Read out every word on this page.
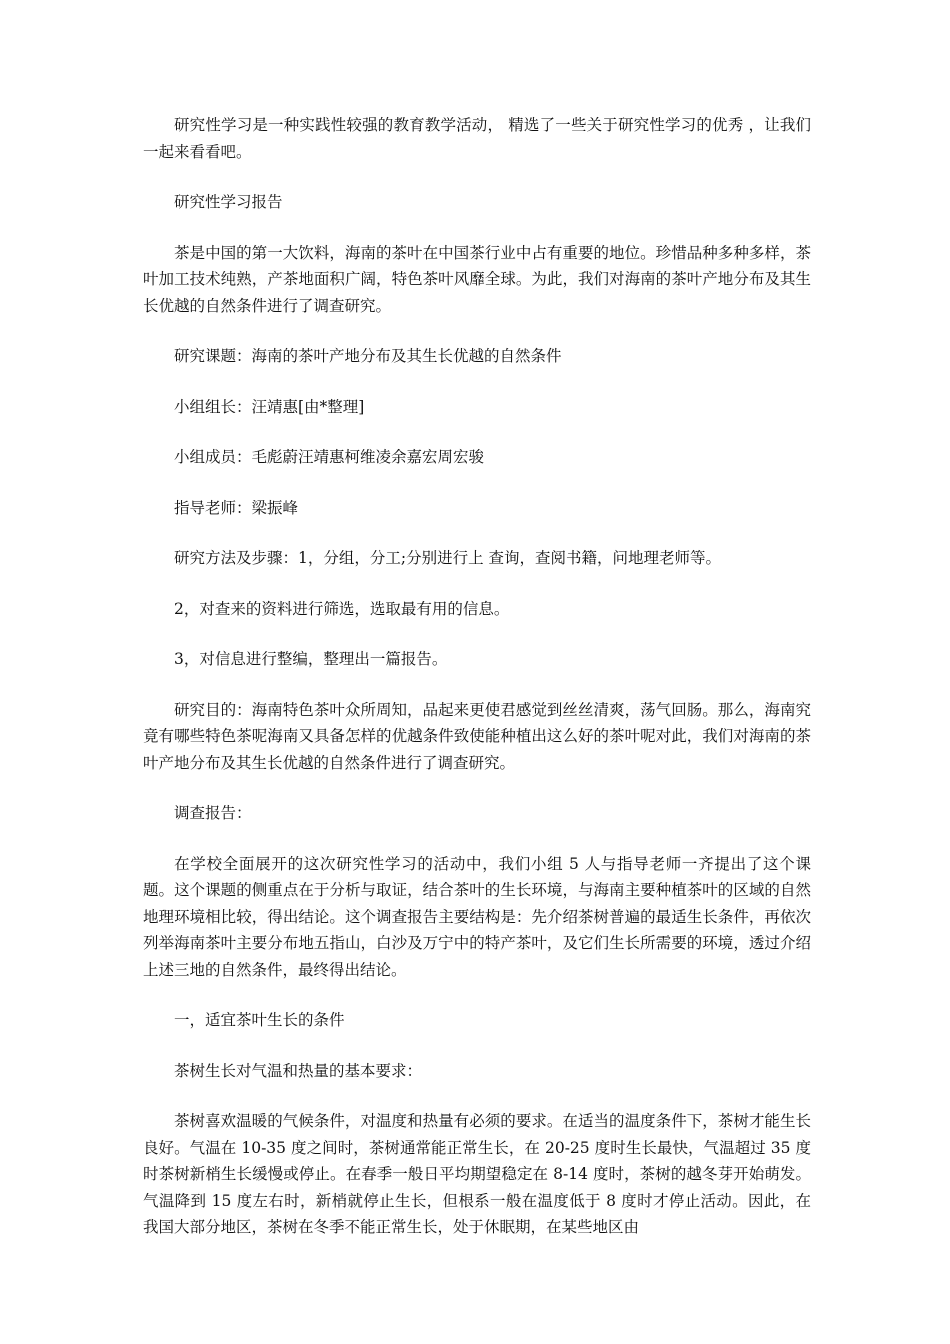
研究性学习是一种实践性较强的教育教学活动， 精选了一些关于研究性学习的优秀 ，让我们一起来看看吧。

研究性学习报告

茶是中国的第一大饮料，海南的茶叶在中国茶行业中占有重要的地位。珍惜品种多种多样，茶叶加工技术纯熟，产茶地面积广阔，特色茶叶风靡全球。为此，我们对海南的茶叶产地分布及其生长优越的自然条件进行了调查研究。

研究课题：海南的茶叶产地分布及其生长优越的自然条件

小组组长：汪靖惠[由*整理]

小组成员：毛彪蔚汪靖惠柯维凌余嘉宏周宏骏

指导老师：梁振峰

研究方法及步骤：1，分组，分工;分别进行上 查询，查阅书籍，问地理老师等。

2，对查来的资料进行筛选，选取最有用的信息。

3，对信息进行整编，整理出一篇报告。

研究目的：海南特色茶叶众所周知，品起来更使君感觉到丝丝清爽，荡气回肠。那么，海南究竟有哪些特色茶呢海南又具备怎样的优越条件致使能种植出这么好的茶叶呢对此，我们对海南的茶叶产地分布及其生长优越的自然条件进行了调查研究。

调查报告：

在学校全面展开的这次研究性学习的活动中，我们小组 5 人与指导老师一齐提出了这个课题。这个课题的侧重点在于分析与取证，结合茶叶的生长环境，与海南主要种植茶叶的区域的自然地理环境相比较，得出结论。这个调查报告主要结构是：先介绍茶树普遍的最适生长条件，再依次列举海南茶叶主要分布地五指山，白沙及万宁中的特产茶叶，及它们生长所需要的环境，透过介绍上述三地的自然条件，最终得出结论。

一，适宜茶叶生长的条件

茶树生长对气温和热量的基本要求：

茶树喜欢温暖的气候条件，对温度和热量有必须的要求。在适当的温度条件下，茶树才能生长良好。气温在 10-35 度之间时，茶树通常能正常生长，在 20-25 度时生长最快，气温超过 35 度时茶树新梢生长缓慢或停止。在春季一般日平均期望稳定在 8-14 度时，茶树的越冬芽开始萌发。气温降到 15 度左右时，新梢就停止生长，但根系一般在温度低于 8 度时才停止活动。因此，在我国大部分地区，茶树在冬季不能正常生长，处于休眠期，在某些地区由
